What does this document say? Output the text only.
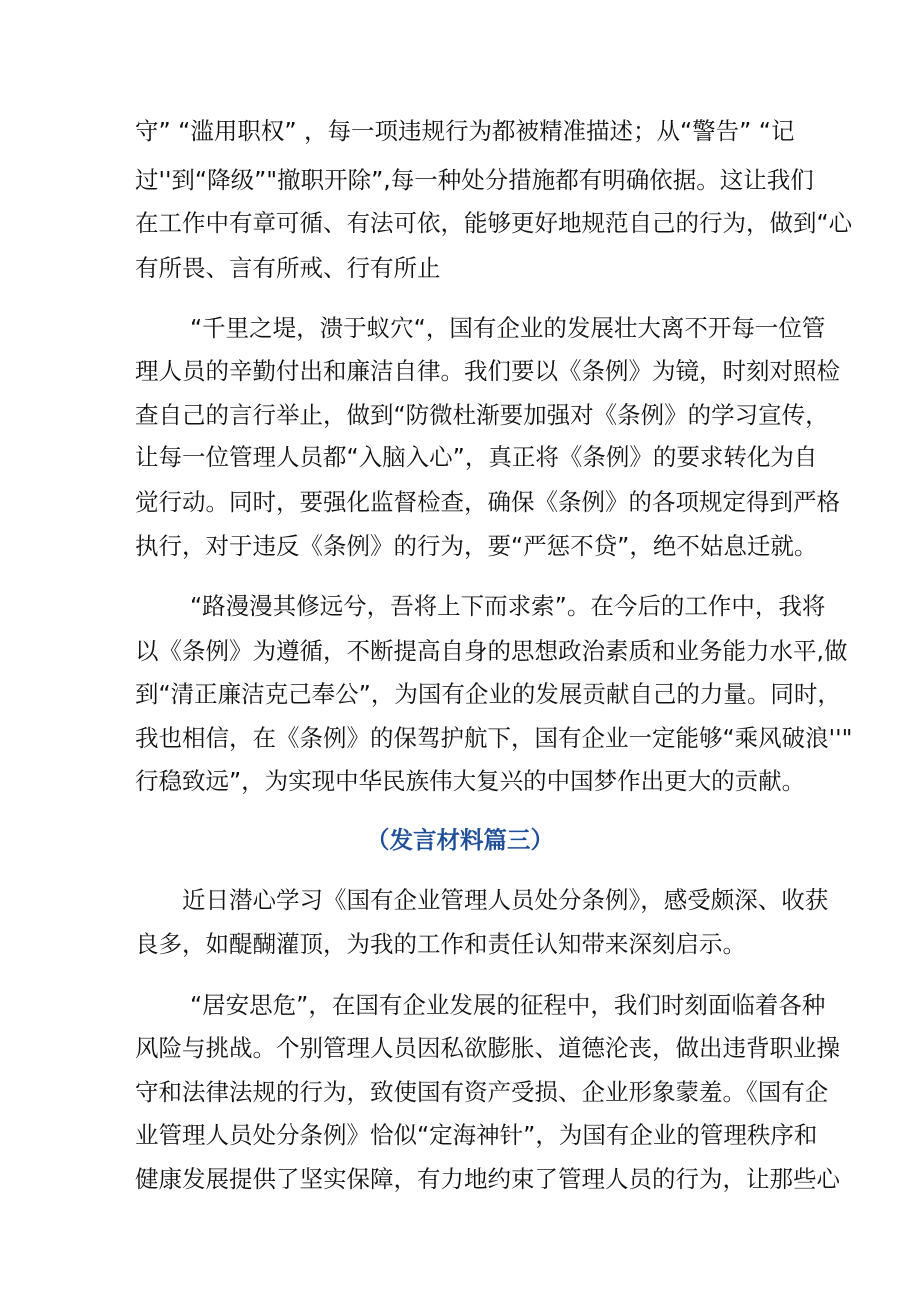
守” “滥用职权” ，每一项违规行为都被精准描述；从“警告” “记
过''到“降级”"撤职开除”,每一种处分措施都有明确依据。这让我们
在工作中有章可循、有法可依，能够更好地规范自己的行为，做到“心
有所畏、言有所戒、行有所止
“千里之堤，溃于蚁穴“，国有企业的发展壮大离不开每一位管
理人员的辛勤付出和廉洁自律。我们要以《条例》为镜，时刻对照检
查自己的言行举止，做到“防微杜渐要加强对《条例》的学习宣传，
让每一位管理人员都“入脑入心”，真正将《条例》的要求转化为自
觉行动。同时，要强化监督检查，确保《条例》的各项规定得到严格
执行，对于违反《条例》的行为，要“严惩不贷”，绝不姑息迁就。
“路漫漫其修远兮，吾将上下而求索”。在今后的工作中，我将
以《条例》为遵循，不断提高自身的思想政治素质和业务能力水平,做
到“清正廉洁克己奉公”，为国有企业的发展贡献自己的力量。同时，
我也相信，在《条例》的保驾护航下，国有企业一定能够“乘风破浪''"
行稳致远”，为实现中华民族伟大复兴的中国梦作出更大的贡献。
（发言材料篇三）
近日潜心学习《国有企业管理人员处分条例》，感受颇深、收获
良多，如醍醐灌顶，为我的工作和责任认知带来深刻启示。
“居安思危”，在国有企业发展的征程中，我们时刻面临着各种
风险与挑战。个别管理人员因私欲膨胀、道德沦丧，做出违背职业操
守和法律法规的行为，致使国有资产受损、企业形象蒙羞。《国有企
业管理人员处分条例》恰似“定海神针”，为国有企业的管理秩序和
健康发展提供了坚实保障，有力地约束了管理人员的行为，让那些心
